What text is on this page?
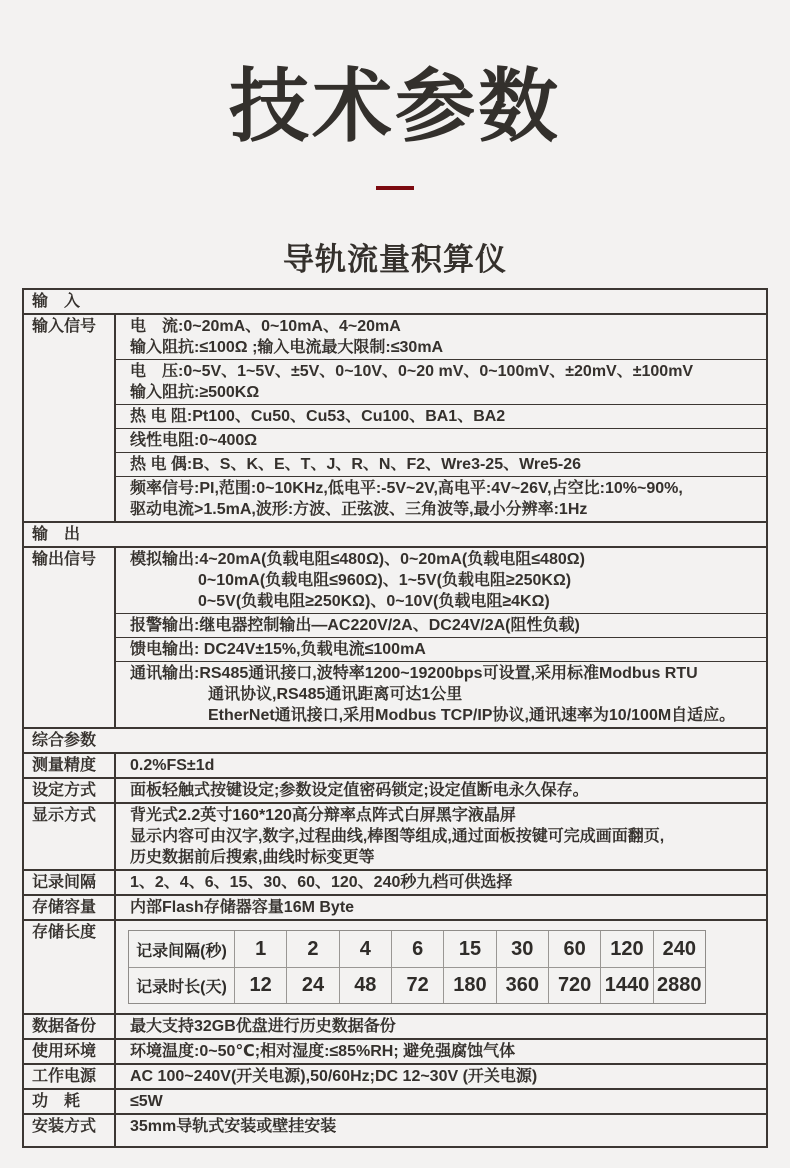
技术参数
导轨流量积算仪
输　入
输入信号	电　流:0~20mA、0~10mA、4~20mA
输入阻抗:≤100Ω ;输入电流最大限制:≤30mA
电　压:0~5V、1~5V、±5V、0~10V、0~20 mV、0~100mV、±20mV、±100mV
输入阻抗:≥500KΩ
热 电 阻:Pt100、Cu50、Cu53、Cu100、BA1、BA2
线性电阻:0~400Ω
热 电 偶:B、S、K、E、T、J、R、N、F2、Wre3-25、Wre5-26
频率信号:PI,范围:0~10KHz,低电平:-5V~2V,高电平:4V~26V,占空比:10%~90%,
驱动电流>1.5mA,波形:方波、正弦波、三角波等,最小分辨率:1Hz
输　出
输出信号	模拟输出:4~20mA(负载电阻≤480Ω)、0~20mA(负载电阻≤480Ω)
0~10mA(负载电阻≤960Ω)、1~5V(负载电阻≥250KΩ)
0~5V(负载电阻≥250KΩ)、0~10V(负载电阻≥4KΩ)
报警输出:继电器控制输出—AC220V/2A、DC24V/2A(阻性负载)
馈电输出: DC24V±15%,负载电流≤100mA
通讯输出:RS485通讯接口,波特率1200~19200bps可设置,采用标准Modbus RTU
通讯协议,RS485通讯距离可达1公里
EtherNet通讯接口,采用Modbus TCP/IP协议,通讯速率为10/100M自适应。
综合参数
测量精度	0.2%FS±1d
设定方式	面板轻触式按键设定;参数设定值密码锁定;设定值断电永久保存。
显示方式	背光式2.2英寸160*120高分辩率点阵式白屏黑字液晶屏
显示内容可由汉字,数字,过程曲线,棒图等组成,通过面板按键可完成画面翻页,
历史数据前后搜索,曲线时标变更等
记录间隔	1、2、4、6、15、30、60、120、240秒九档可供选择
存储容量	内部Flash存储器容量16M Byte
存储长度
记录间隔(秒)	1	2	4	6	15	30	60	120 240
记录时长(天)	12	24	48	72	180 360 720 1440 2880
数据备份	最大支持32GB优盘进行历史数据备份
使用环境	环境温度:0~50℃;相对湿度:≤85%RH; 避免强腐蚀气体
工作电源	AC 100~240V(开关电源),50/60Hz;DC 12~30V (开关电源)
功　耗	≤5W
安装方式	35mm导轨式安装或壁挂安装
